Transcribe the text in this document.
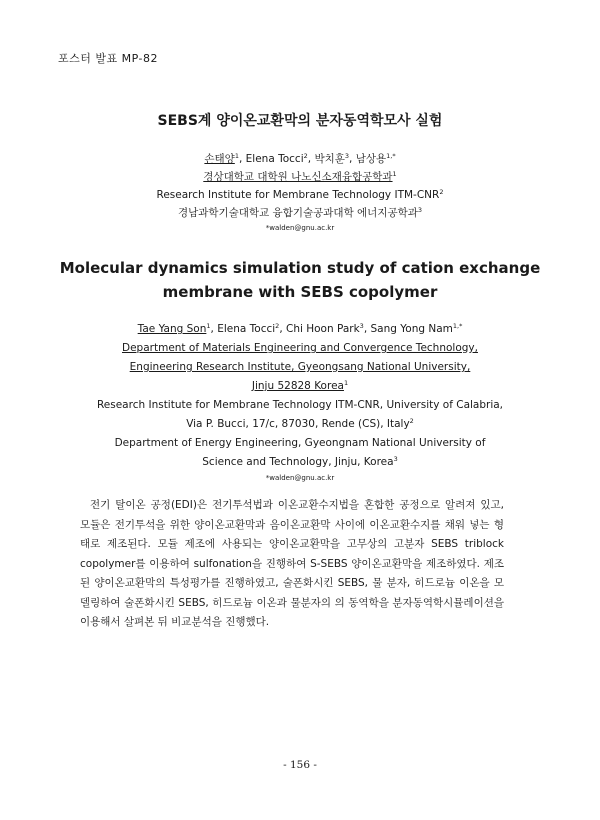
포스터 발표 MP-82
SEBS계 양이온교환막의 분자동역학모사 실험
손태양$^1$, Elena Tocci$^2$, 박치훈$^3$, 남상용$^{1,*}$
경상대학교 대학원 나노신소재융합공학과$^1$
Research Institute for Membrane Technology ITM-CNR$^2$
경남과학기술대학교 융합기술공과대학 에너지공학과$^3$
*walden@gnu.ac.kr
Molecular dynamics simulation study of cation exchange
membrane with SEBS copolymer
Tae Yang Son$^1$, Elena Tocci$^2$, Chi Hoon Park$^3$, Sang Yong Nam$^{1,*}$
Department of Materials Engineering and Convergence Technology,
Engineering Research Institute, Gyeongsang National University,
Jinju 52828 Korea$^1$
Research Institute for Membrane Technology ITM-CNR, University of Calabria,
Via P. Bucci, 17/c, 87030, Rende (CS), Italy$^2$
Department of Energy Engineering, Gyeongnam National University of
Science and Technology, Jinju, Korea$^3$
*walden@gnu.ac.kr
전기 탈이온 공정(EDI)은 전기투석법과 이온교환수지법을 혼합한 공정으로 알려져 있고, 모듈은 전기투석을 위한 양이온교환막과 음이온교환막 사이에 이온교환수지를 채워 넣는 형태로 제조된다. 모듈 제조에 사용되는 양이온교환막을 고무상의 고분자 SEBS triblock copolymer를 이용하여 sulfonation을 진행하여 S-SEBS 양이온교환막을 제조하였다. 제조된 양이온교환막의 특성평가를 진행하였고, 술폰화시킨 SEBS, 물 분자, 히드로늄 이온을 모델링하여 술폰화시킨 SEBS, 히드로늄 이온과 물분자의 의 동역학을 분자동역학시뮬레이션을 이용해서 살펴본 뒤 비교분석을 진행했다.
- 156 -
